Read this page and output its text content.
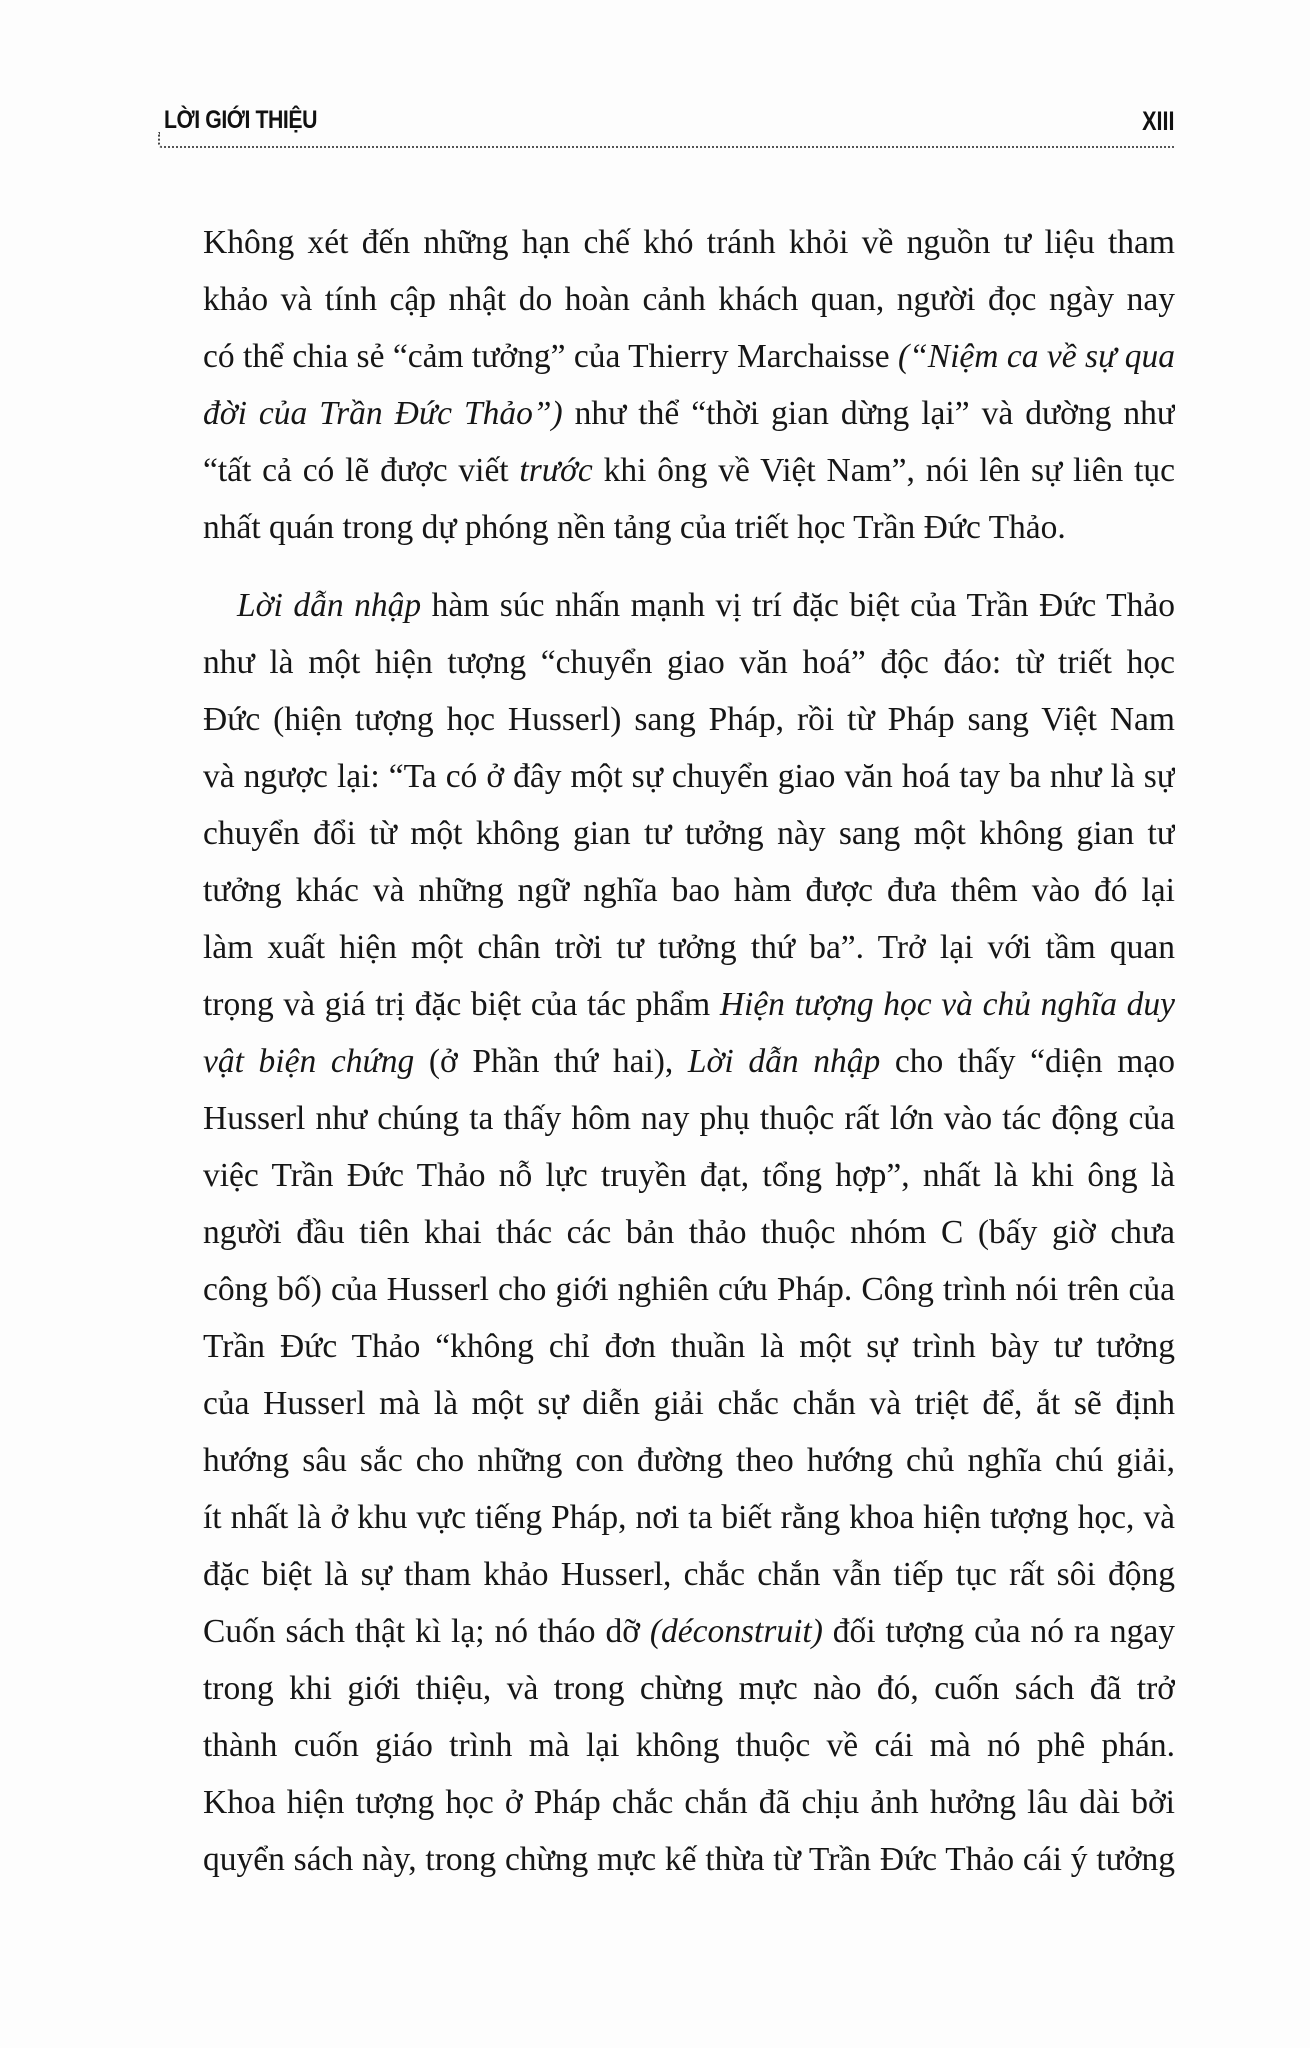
LỜI GIỚI THIỆU	XIII
Không xét đến những hạn chế khó tránh khỏi về nguồn tư liệu tham
khảo và tính cập nhật do hoàn cảnh khách quan, người đọc ngày nay
có thể chia sẻ “cảm tưởng” của Thierry Marchaisse (“Niệm ca về sự qua
đời của Trần Đức Thảo”) như thể “thời gian dừng lại” và dường như
“tất cả có lẽ được viết trước khi ông về Việt Nam”, nói lên sự liên tục
nhất quán trong dự phóng nền tảng của triết học Trần Đức Thảo.
Lời dẫn nhập hàm súc nhấn mạnh vị trí đặc biệt của Trần Đức Thảo
như là một hiện tượng “chuyển giao văn hoá” độc đáo: từ triết học
Đức (hiện tượng học Husserl) sang Pháp, rồi từ Pháp sang Việt Nam
và ngược lại: “Ta có ở đây một sự chuyển giao văn hoá tay ba như là sự
chuyển đổi từ một không gian tư tưởng này sang một không gian tư
tưởng khác và những ngữ nghĩa bao hàm được đưa thêm vào đó lại
làm xuất hiện một chân trời tư tưởng thứ ba”. Trở lại với tầm quan
trọng và giá trị đặc biệt của tác phẩm Hiện tượng học và chủ nghĩa duy
vật biện chứng (ở Phần thứ hai), Lời dẫn nhập cho thấy “diện mạo
Husserl như chúng ta thấy hôm nay phụ thuộc rất lớn vào tác động của
việc Trần Đức Thảo nỗ lực truyền đạt, tổng hợp”, nhất là khi ông là
người đầu tiên khai thác các bản thảo thuộc nhóm C (bấy giờ chưa
công bố) của Husserl cho giới nghiên cứu Pháp. Công trình nói trên của
Trần Đức Thảo “không chỉ đơn thuần là một sự trình bày tư tưởng
của Husserl mà là một sự diễn giải chắc chắn và triệt để, ắt sẽ định
hướng sâu sắc cho những con đường theo hướng chủ nghĩa chú giải,
ít nhất là ở khu vực tiếng Pháp, nơi ta biết rằng khoa hiện tượng học, và
đặc biệt là sự tham khảo Husserl, chắc chắn vẫn tiếp tục rất sôi động
Cuốn sách thật kì lạ; nó tháo dỡ (déconstruit) đối tượng của nó ra ngay
trong khi giới thiệu, và trong chừng mực nào đó, cuốn sách đã trở
thành cuốn giáo trình mà lại không thuộc về cái mà nó phê phán.
Khoa hiện tượng học ở Pháp chắc chắn đã chịu ảnh hưởng lâu dài bởi
quyển sách này, trong chừng mực kế thừa từ Trần Đức Thảo cái ý tưởng
